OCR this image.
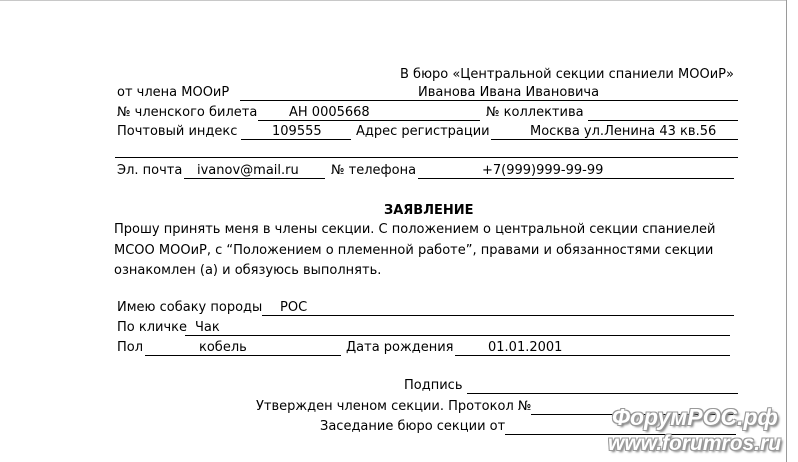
В бюро «Центральной секции спаниели МООиР»
от члена МООиР	Иванова Ивана Ивановича
№ членского билета АН 0005668	№ коллектива
Почтовый индекс	109555	Адрес регистрации	Москва ул.Ленина 43 кв.56
Эл. почта ivanov@mail.ru № телефона	+7(999)999-99-99
ЗАЯВЛЕНИЕ
Прошу принять меня в члены секции. С положением о центральной секции спаниелей
МСОО МООиР, с “Положением о племенной работе”, правами и обязанностями секции
ознакомлен (а) и обязуюсь выполнять.
Имею собаку породы РОС
По кличке Чак
Пол	кобель	Дата рождения	01.01.2001
Подпись
Утвержден членом секции. Протокол №
Заседание бюро секции от	ФорумРОС.рф
www.forumros.ru
